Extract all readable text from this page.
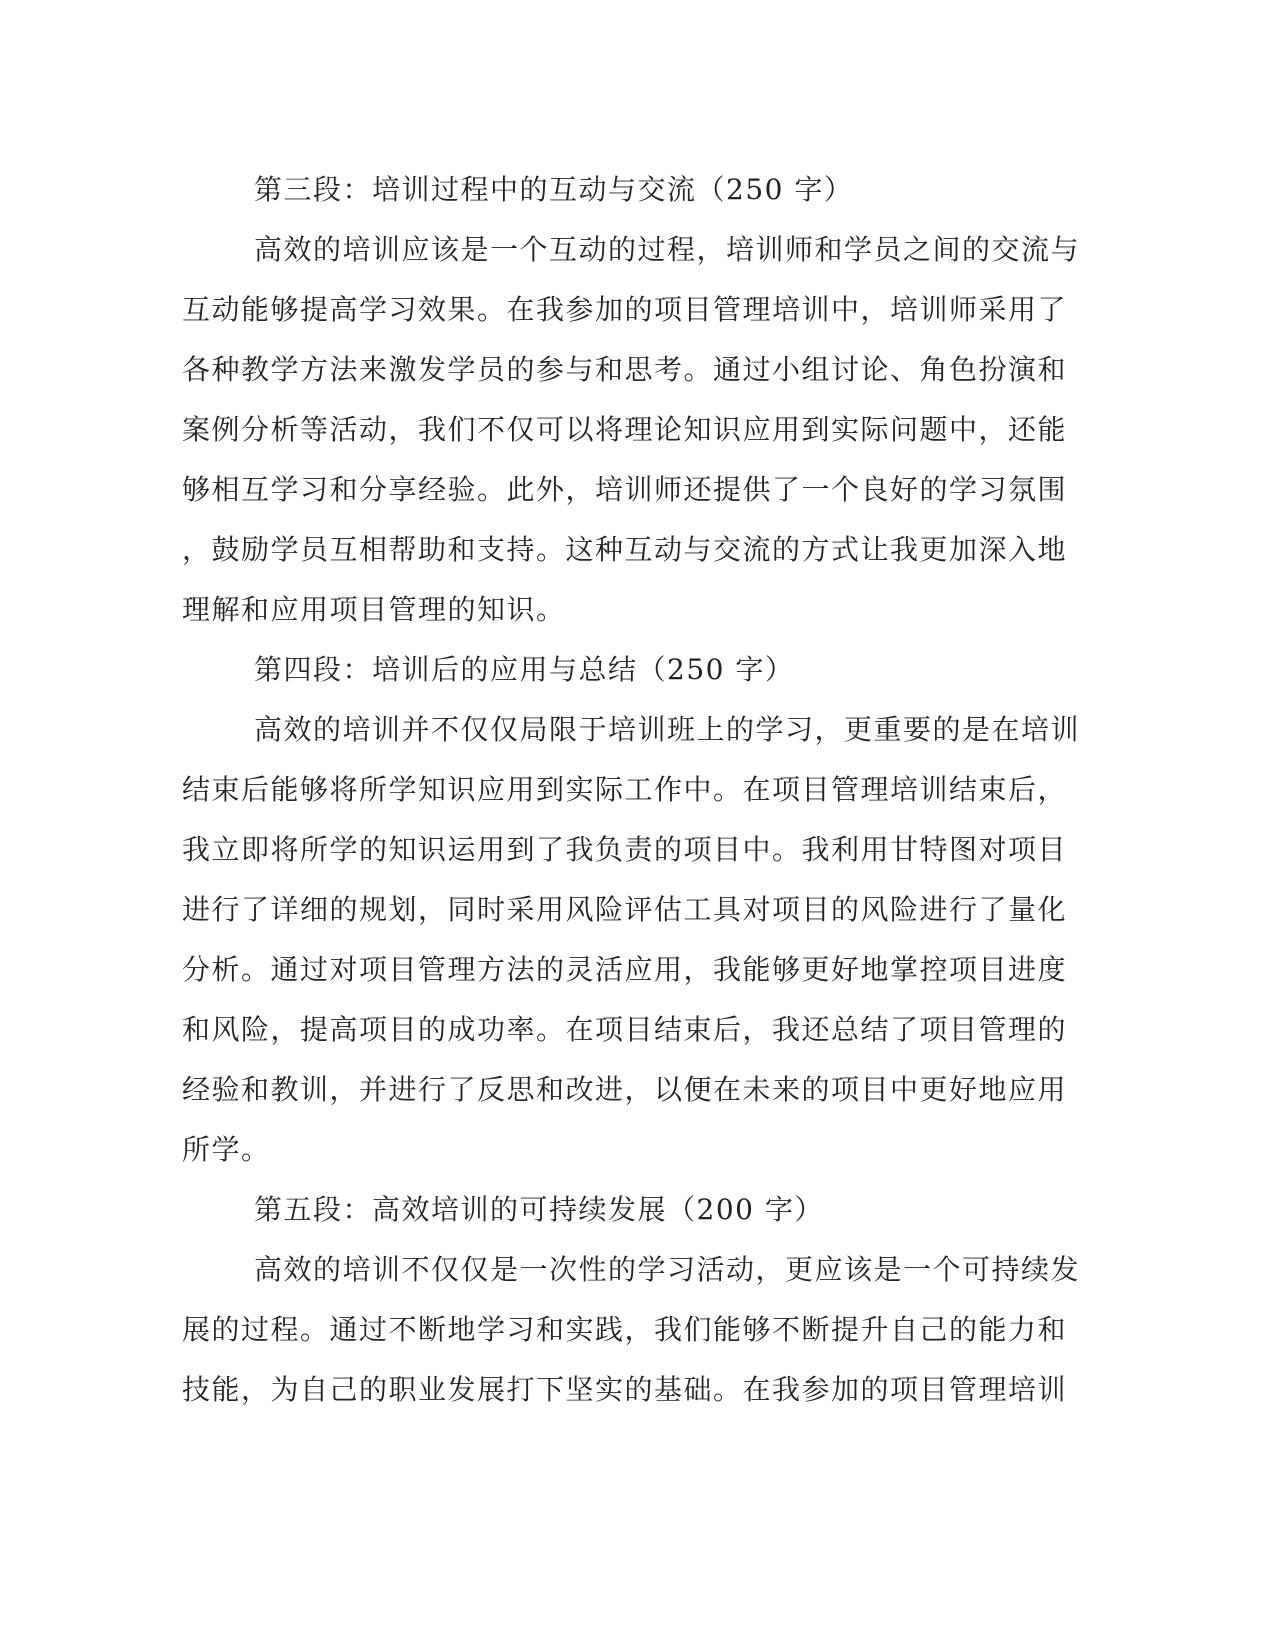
第三段：培训过程中的互动与交流（250 字）
高效的培训应该是一个互动的过程，培训师和学员之间的交流与
互动能够提高学习效果。在我参加的项目管理培训中，培训师采用了
各种教学方法来激发学员的参与和思考。通过小组讨论、角色扮演和
案例分析等活动，我们不仅可以将理论知识应用到实际问题中，还能
够相互学习和分享经验。此外，培训师还提供了一个良好的学习氛围
，鼓励学员互相帮助和支持。这种互动与交流的方式让我更加深入地
理解和应用项目管理的知识。
第四段：培训后的应用与总结（250 字）
高效的培训并不仅仅局限于培训班上的学习，更重要的是在培训
结束后能够将所学知识应用到实际工作中。在项目管理培训结束后，
我立即将所学的知识运用到了我负责的项目中。我利用甘特图对项目
进行了详细的规划，同时采用风险评估工具对项目的风险进行了量化
分析。通过对项目管理方法的灵活应用，我能够更好地掌控项目进度
和风险，提高项目的成功率。在项目结束后，我还总结了项目管理的
经验和教训，并进行了反思和改进，以便在未来的项目中更好地应用
所学。
第五段：高效培训的可持续发展（200 字）
高效的培训不仅仅是一次性的学习活动，更应该是一个可持续发
展的过程。通过不断地学习和实践，我们能够不断提升自己的能力和
技能，为自己的职业发展打下坚实的基础。在我参加的项目管理培训
